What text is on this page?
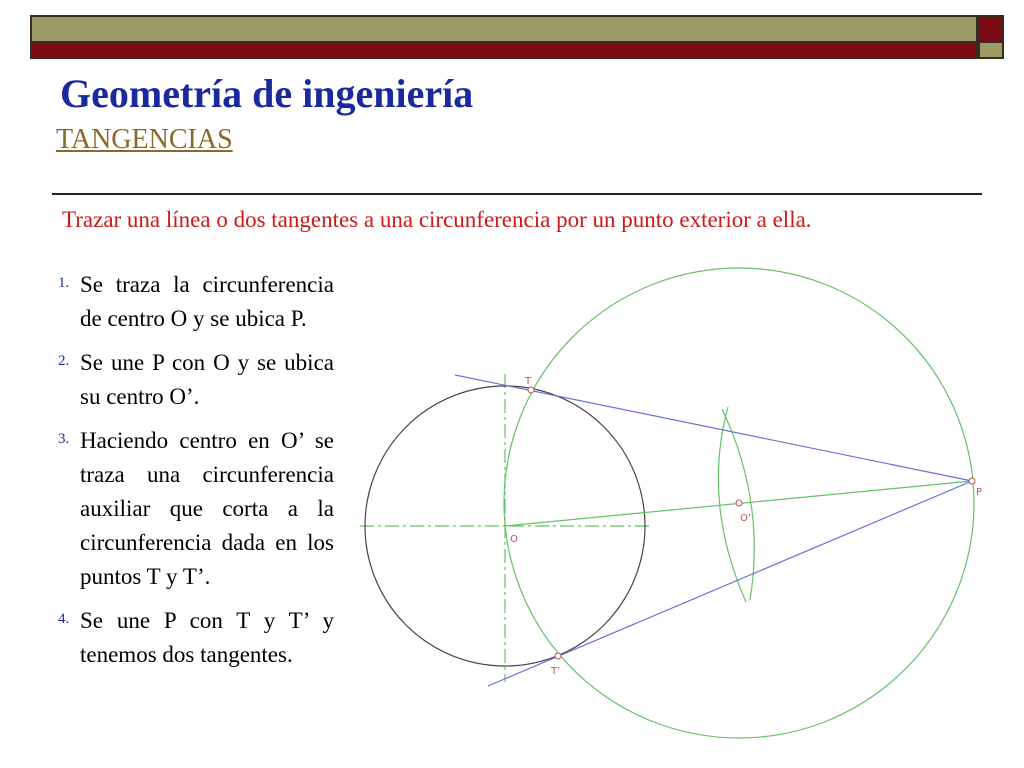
Geometría de ingeniería
TANGENCIAS

Trazar una línea o dos tangentes a una circunferencia por un punto exterior a ella.

1. Se traza la circunferencia de centro O y se ubica P.
2. Se une P con O y se ubica su centro O’.
3. Haciendo centro en O’ se traza una circunferencia auxiliar que corta a la circunferencia dada en los puntos T y T’.
4. Se une P con T y T’ y tenemos dos tangentes.
T
T’
O
O’
P
